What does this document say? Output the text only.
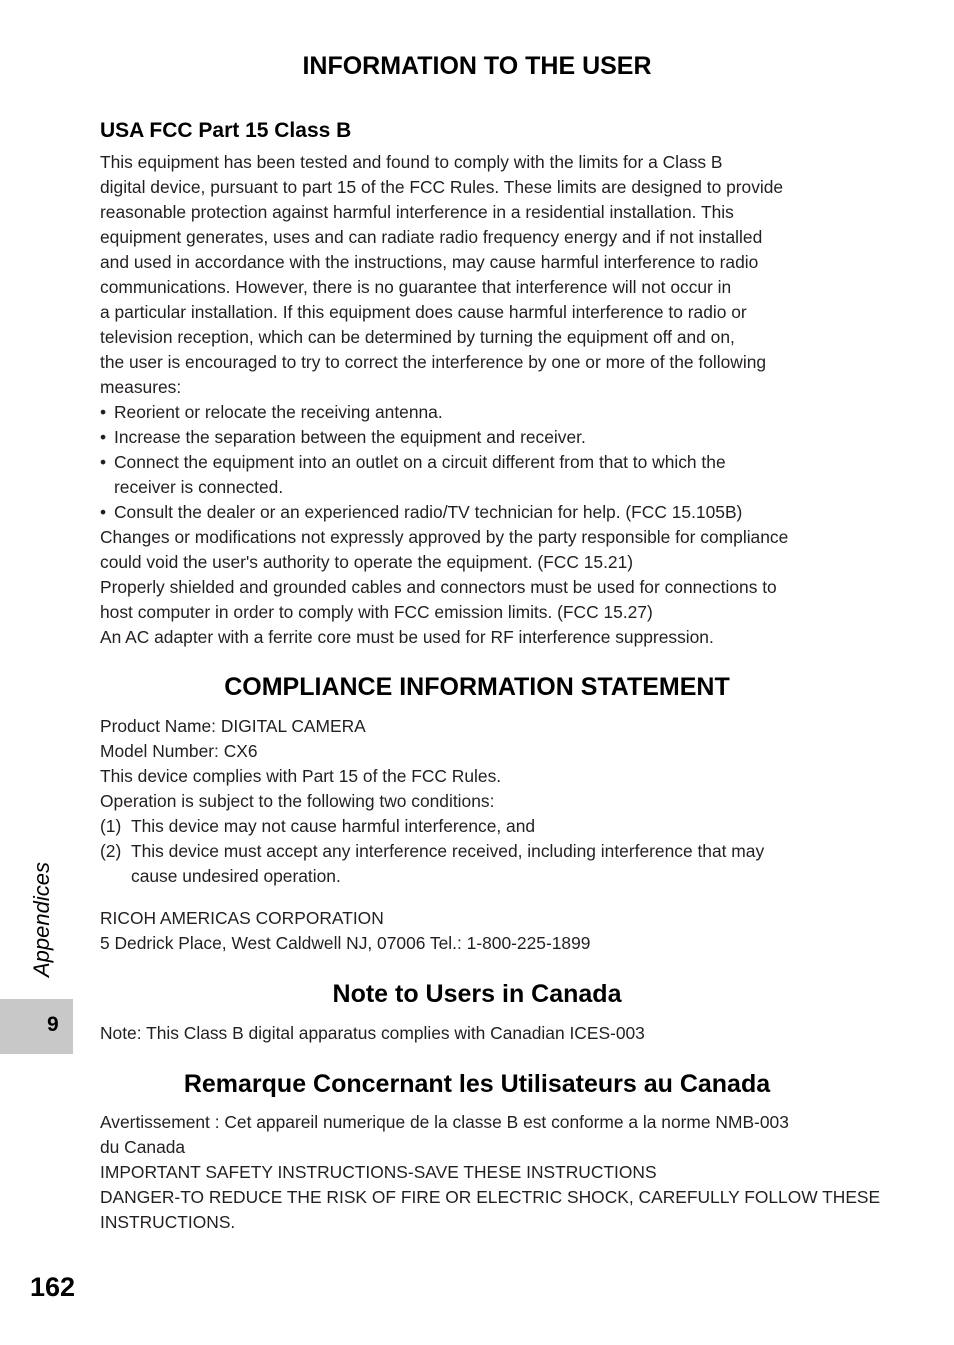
INFORMATION TO THE USER
USA FCC Part 15 Class B
This equipment has been tested and found to comply with the limits for a Class B
digital device, pursuant to part 15 of the FCC Rules. These limits are designed to provide
reasonable protection against harmful interference in a residential installation. This
equipment generates, uses and can radiate radio frequency energy and if not installed
and used in accordance with the instructions, may cause harmful interference to radio
communications. However, there is no guarantee that interference will not occur in
a particular installation. If this equipment does cause harmful interference to radio or
television reception, which can be determined by turning the equipment off and on,
the user is encouraged to try to correct the interference by one or more of the following
measures:
• Reorient or relocate the receiving antenna.
• Increase the separation between the equipment and receiver.
• Connect the equipment into an outlet on a circuit different from that to which the
receiver is connected.
• Consult the dealer or an experienced radio/TV technician for help. (FCC 15.105B)
Changes or modifications not expressly approved by the party responsible for compliance
could void the user's authority to operate the equipment. (FCC 15.21)
Properly shielded and grounded cables and connectors must be used for connections to
host computer in order to comply with FCC emission limits. (FCC 15.27)
An AC adapter with a ferrite core must be used for RF interference suppression.
COMPLIANCE INFORMATION STATEMENT
Product Name: DIGITAL CAMERA
Model Number: CX6
This device complies with Part 15 of the FCC Rules.
Operation is subject to the following two conditions:
(1) This device may not cause harmful interference, and
(2) This device must accept any interference received, including interference that may
cause undesired operation.
RICOH AMERICAS CORPORATION
5 Dedrick Place, West Caldwell NJ, 07006 Tel.: 1-800-225-1899
Note to Users in Canada
Note: This Class B digital apparatus complies with Canadian ICES-003
Remarque Concernant les Utilisateurs au Canada
Avertissement : Cet appareil numerique de la classe B est conforme a la norme NMB-003
du Canada
IMPORTANT SAFETY INSTRUCTIONS-SAVE THESE INSTRUCTIONS
DANGER-TO REDUCE THE RISK OF FIRE OR ELECTRIC SHOCK, CAREFULLY FOLLOW THESE
INSTRUCTIONS.
Appendices
9
162
